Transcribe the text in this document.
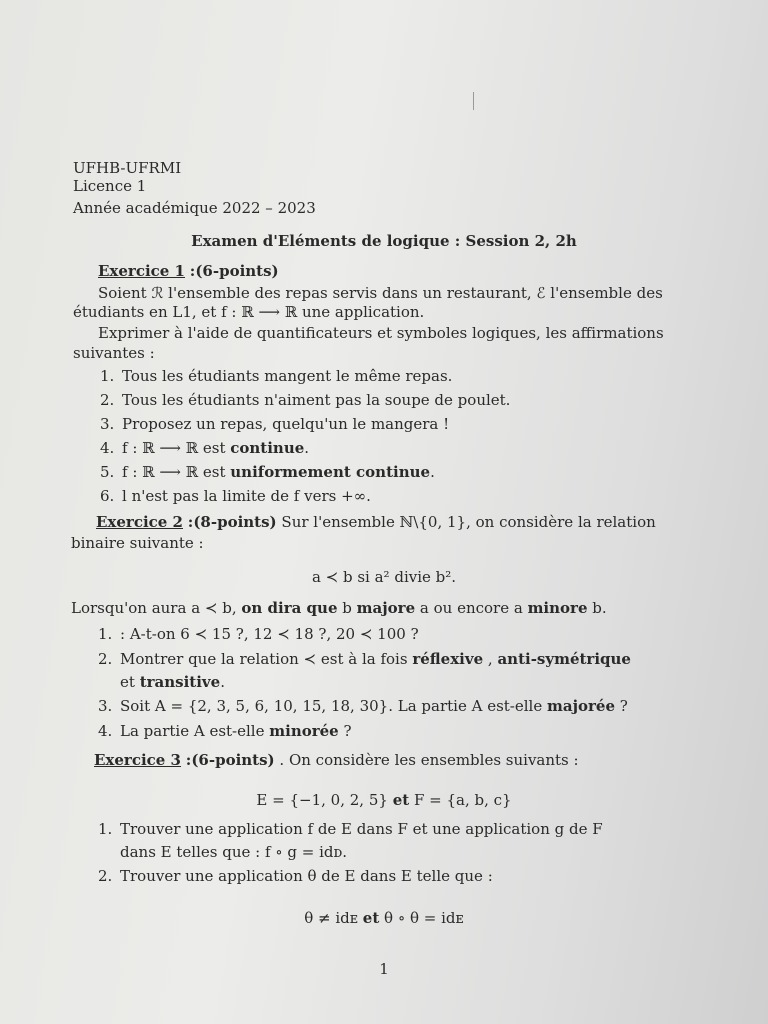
UFHB-UFRMI
Licence 1
Année académique 2022 – 2023
Examen d'Eléments de logique : Session 2, 2h
Exercice 1 :(6-points)
Soient ℛ l'ensemble des repas servis dans un restaurant, ℰ l'ensemble des
étudiants en L1, et f : ℝ ⟶ ℝ une application.
Exprimer à l'aide de quantificateurs et symboles logiques, les affirmations
suivantes :
1. Tous les étudiants mangent le même repas.
2. Tous les étudiants n'aiment pas la soupe de poulet.
3. Proposez un repas, quelqu'un le mangera !
4. f : ℝ ⟶ ℝ est continue.
5. f : ℝ ⟶ ℝ est uniformement continue.
6. l n'est pas la limite de f vers +∞.
Exercice 2 :(8-points) Sur l'ensemble ℕ\{0, 1}, on considère la relation
binaire suivante :
a ≺ b si a² divie b².
Lorsqu'on aura a ≺ b, on dira que b majore a ou encore a minore b.
1. : A-t-on 6 ≺ 15 ?, 12 ≺ 18 ?, 20 ≺ 100 ?
2. Montrer que la relation ≺ est à la fois réflexive , anti-symétrique
et transitive.
3. Soit A = {2, 3, 5, 6, 10, 15, 18, 30}. La partie A est-elle majorée ?
4. La partie A est-elle minorée ?
Exercice 3 :(6-points) . On considère les ensembles suivants :
E = {−1, 0, 2, 5} et F = {a, b, c}
1. Trouver une application f de E dans F et une application g de F
dans E telles que : f ∘ g = idᴅ.
2. Trouver une application θ de E dans E telle que :
θ ≠ idᴇ et θ ∘ θ = idᴇ
1
